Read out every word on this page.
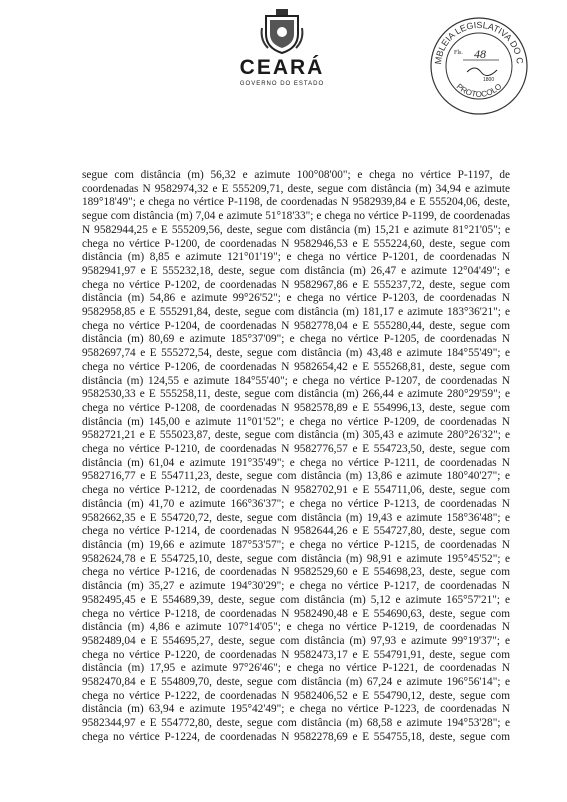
CEARÁ
GOVERNO DO ESTADO
MBLEIA LEGISLATIVA DO C
PROTOCOLO
Fls. 48
1800
segue com distância (m) 56,32 e azimute 100°08'00"; e chega no vértice P-1197, de
coordenadas N 9582974,32 e E 555209,71, deste, segue com distância (m) 34,94 e azimute
189°18'49"; e chega no vértice P-1198, de coordenadas N 9582939,84 e E 555204,06, deste,
segue com distância (m) 7,04 e azimute 51°18'33"; e chega no vértice P-1199, de coordenadas
N 9582944,25 e E 555209,56, deste, segue com distância (m) 15,21 e azimute 81°21'05"; e
chega no vértice P-1200, de coordenadas N 9582946,53 e E 555224,60, deste, segue com
distância (m) 8,85 e azimute 121°01'19"; e chega no vértice P-1201, de coordenadas N
9582941,97 e E 555232,18, deste, segue com distância (m) 26,47 e azimute 12°04'49"; e
chega no vértice P-1202, de coordenadas N 9582967,86 e E 555237,72, deste, segue com
distância (m) 54,86 e azimute 99°26'52"; e chega no vértice P-1203, de coordenadas N
9582958,85 e E 555291,84, deste, segue com distância (m) 181,17 e azimute 183°36'21"; e
chega no vértice P-1204, de coordenadas N 9582778,04 e E 555280,44, deste, segue com
distância (m) 80,69 e azimute 185°37'09"; e chega no vértice P-1205, de coordenadas N
9582697,74 e E 555272,54, deste, segue com distância (m) 43,48 e azimute 184°55'49"; e
chega no vértice P-1206, de coordenadas N 9582654,42 e E 555268,81, deste, segue com
distância (m) 124,55 e azimute 184°55'40"; e chega no vértice P-1207, de coordenadas N
9582530,33 e E 555258,11, deste, segue com distância (m) 266,44 e azimute 280°29'59"; e
chega no vértice P-1208, de coordenadas N 9582578,89 e E 554996,13, deste, segue com
distância (m) 145,00 e azimute 11°01'52"; e chega no vértice P-1209, de coordenadas N
9582721,21 e E 555023,87, deste, segue com distância (m) 305,43 e azimute 280°26'32"; e
chega no vértice P-1210, de coordenadas N 9582776,57 e E 554723,50, deste, segue com
distância (m) 61,04 e azimute 191°35'49"; e chega no vértice P-1211, de coordenadas N
9582716,77 e E 554711,23, deste, segue com distância (m) 13,86 e azimute 180°40'27"; e
chega no vértice P-1212, de coordenadas N 9582702,91 e E 554711,06, deste, segue com
distância (m) 41,70 e azimute 166°36'37"; e chega no vértice P-1213, de coordenadas N
9582662,35 e E 554720,72, deste, segue com distância (m) 19,43 e azimute 158°36'48"; e
chega no vértice P-1214, de coordenadas N 9582644,26 e E 554727,80, deste, segue com
distância (m) 19,66 e azimute 187°53'57"; e chega no vértice P-1215, de coordenadas N
9582624,78 e E 554725,10, deste, segue com distância (m) 98,91 e azimute 195°45'52"; e
chega no vértice P-1216, de coordenadas N 9582529,60 e E 554698,23, deste, segue com
distância (m) 35,27 e azimute 194°30'29"; e chega no vértice P-1217, de coordenadas N
9582495,45 e E 554689,39, deste, segue com distância (m) 5,12 e azimute 165°57'21"; e
chega no vértice P-1218, de coordenadas N 9582490,48 e E 554690,63, deste, segue com
distância (m) 4,86 e azimute 107°14'05"; e chega no vértice P-1219, de coordenadas N
9582489,04 e E 554695,27, deste, segue com distância (m) 97,93 e azimute 99°19'37"; e
chega no vértice P-1220, de coordenadas N 9582473,17 e E 554791,91, deste, segue com
distância (m) 17,95 e azimute 97°26'46"; e chega no vértice P-1221, de coordenadas N
9582470,84 e E 554809,70, deste, segue com distância (m) 67,24 e azimute 196°56'14"; e
chega no vértice P-1222, de coordenadas N 9582406,52 e E 554790,12, deste, segue com
distância (m) 63,94 e azimute 195°42'49"; e chega no vértice P-1223, de coordenadas N
9582344,97 e E 554772,80, deste, segue com distância (m) 68,58 e azimute 194°53'28"; e
chega no vértice P-1224, de coordenadas N 9582278,69 e E 554755,18, deste, segue com
